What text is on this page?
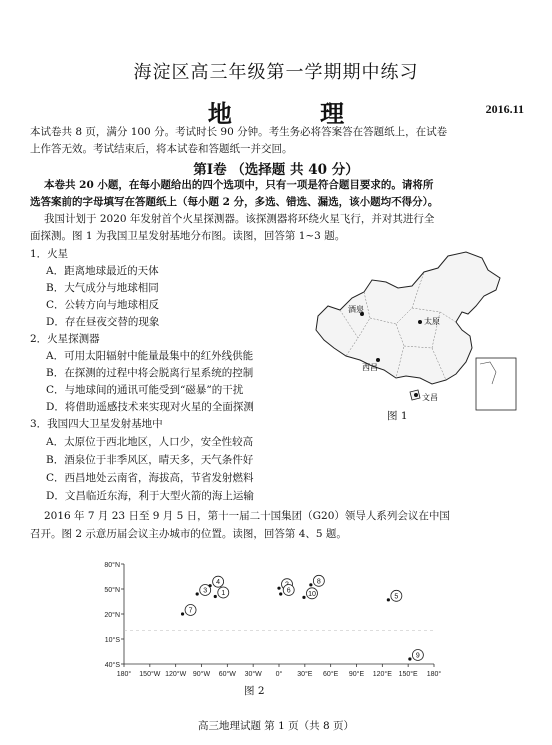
海淀区高三年级第一学期期中练习
地 理	2016.11
本试卷共 8 页，满分 100 分。考试时长 90 分钟。考生务必将答案答在答题纸上，在试卷
上作答无效。考试结束后，将本试卷和答题纸一并交回。
第Ⅰ卷 （选择题 共 40 分）
本卷共 20 小题，在每小题给出的四个选项中，只有一项是符合题目要求的。请将所
选答案前的字母填写在答题纸上（每小题 2 分，多选、错选、漏选，该小题均不得分）。
我国计划于 2020 年发射首个火星探测器。该探测器将环绕火星飞行，并对其进行全
面探测。图 1 为我国卫星发射基地分布图。读图，回答第 1~3 题。
1．火星
A．距离地球最近的天体
B．大气成分与地球相同
C．公转方向与地球相反
D．存在昼夜交替的现象
2．火星探测器
A．可用太阳辐射中能量最集中的红外线供能
B．在探测的过程中将会脱离行星系统的控制
C．与地球间的通讯可能受到“磁暴”的干扰
D．将借助遥感技术来实现对火星的全面探测
3．我国四大卫星发射基地中
A．太原位于西北地区，人口少，安全性较高
B．酒泉位于非季风区，晴天多，天气条件好
C．西昌地处云南省，海拔高，节省发射燃料
D．文昌临近东海，利于大型火箭的海上运输
酒泉
太原
西昌
文昌
图 1
2016 年 7 月 23 日至 9 月 5 日，第十一届二十国集团（G20）领导人系列会议在中国
召开。图 2 示意历届会议主办城市的位置。读图，回答第 4、5 题。
80°N
50°N
20°N
10°S
40°S
180° 150°W 120°W 90°W 60°W 30°W 0° 30°E 60°E 90°E 120°E 150°E 180°
1
3
4
5
6
7
8
9
10
图 2
高三地理试题 第 1 页（共 8 页）
